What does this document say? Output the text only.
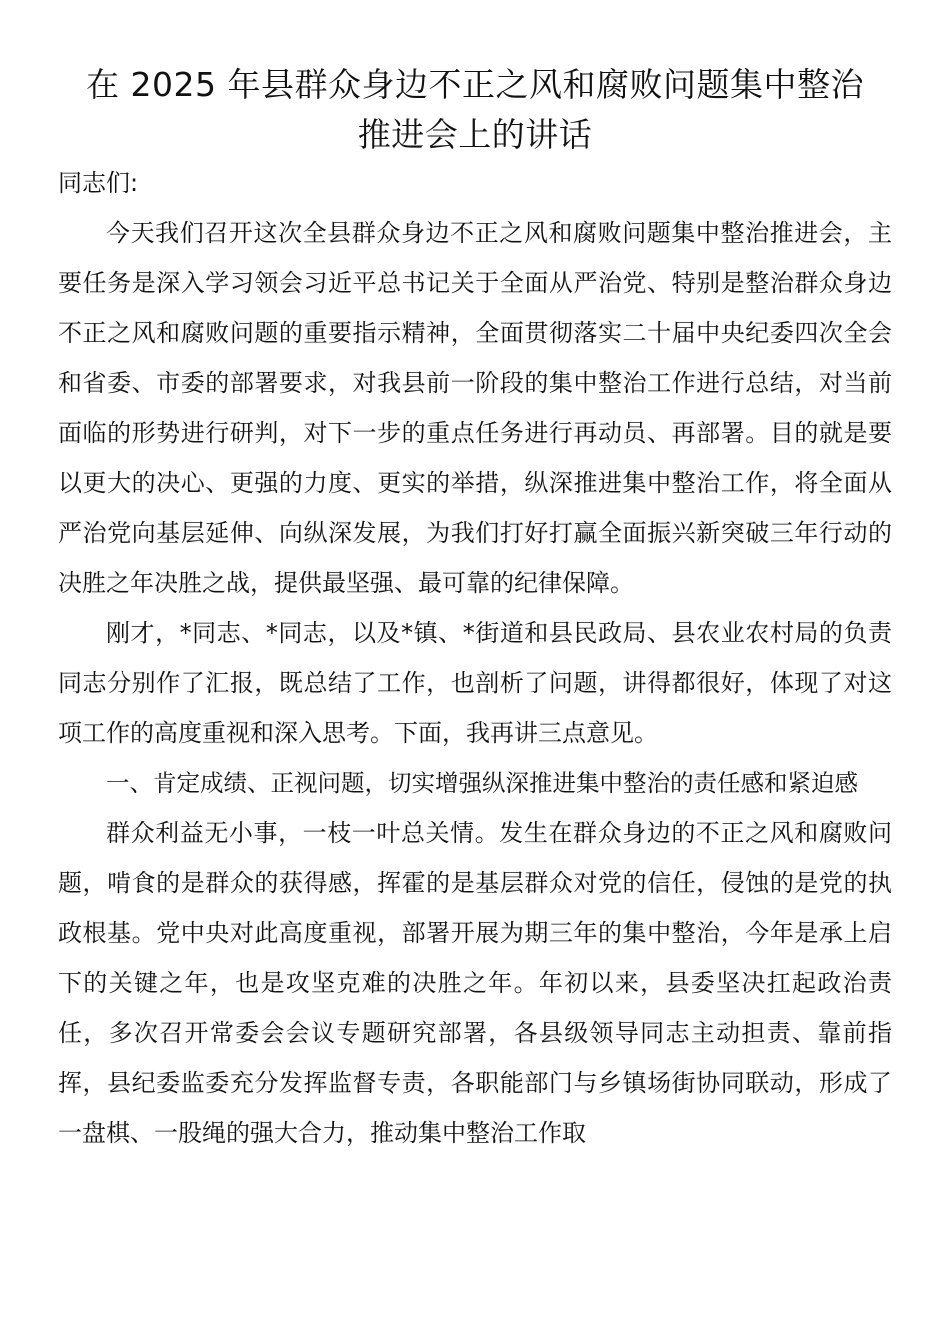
在 2025 年县群众身边不正之风和腐败问题集中整治
推进会上的讲话

同志们:

今天我们召开这次全县群众身边不正之风和腐败问题集中整治推进会，主要任务是深入学习领会习近平总书记关于全面从严治党、特别是整治群众身边不正之风和腐败问题的重要指示精神，全面贯彻落实二十届中央纪委四次全会和省委、市委的部署要求，对我县前一阶段的集中整治工作进行总结，对当前面临的形势进行研判，对下一步的重点任务进行再动员、再部署。目的就是要以更大的决心、更强的力度、更实的举措，纵深推进集中整治工作，将全面从严治党向基层延伸、向纵深发展，为我们打好打赢全面振兴新突破三年行动的决胜之年决胜之战，提供最坚强、最可靠的纪律保障。

刚才，*同志、*同志，以及*镇、*街道和县民政局、县农业农村局的负责同志分别作了汇报，既总结了工作，也剖析了问题，讲得都很好，体现了对这项工作的高度重视和深入思考。下面，我再讲三点意见。

一、肯定成绩、正视问题，切实增强纵深推进集中整治的责任感和紧迫感

群众利益无小事，一枝一叶总关情。发生在群众身边的不正之风和腐败问题，啃食的是群众的获得感，挥霍的是基层群众对党的信任，侵蚀的是党的执政根基。党中央对此高度重视，部署开展为期三年的集中整治，今年是承上启下的关键之年，也是攻坚克难的决胜之年。年初以来，县委坚决扛起政治责任，多次召开常委会会议专题研究部署，各县级领导同志主动担责、靠前指挥，县纪委监委充分发挥监督专责，各职能部门与乡镇场街协同联动，形成了一盘棋、一股绳的强大合力，推动集中整治工作取
